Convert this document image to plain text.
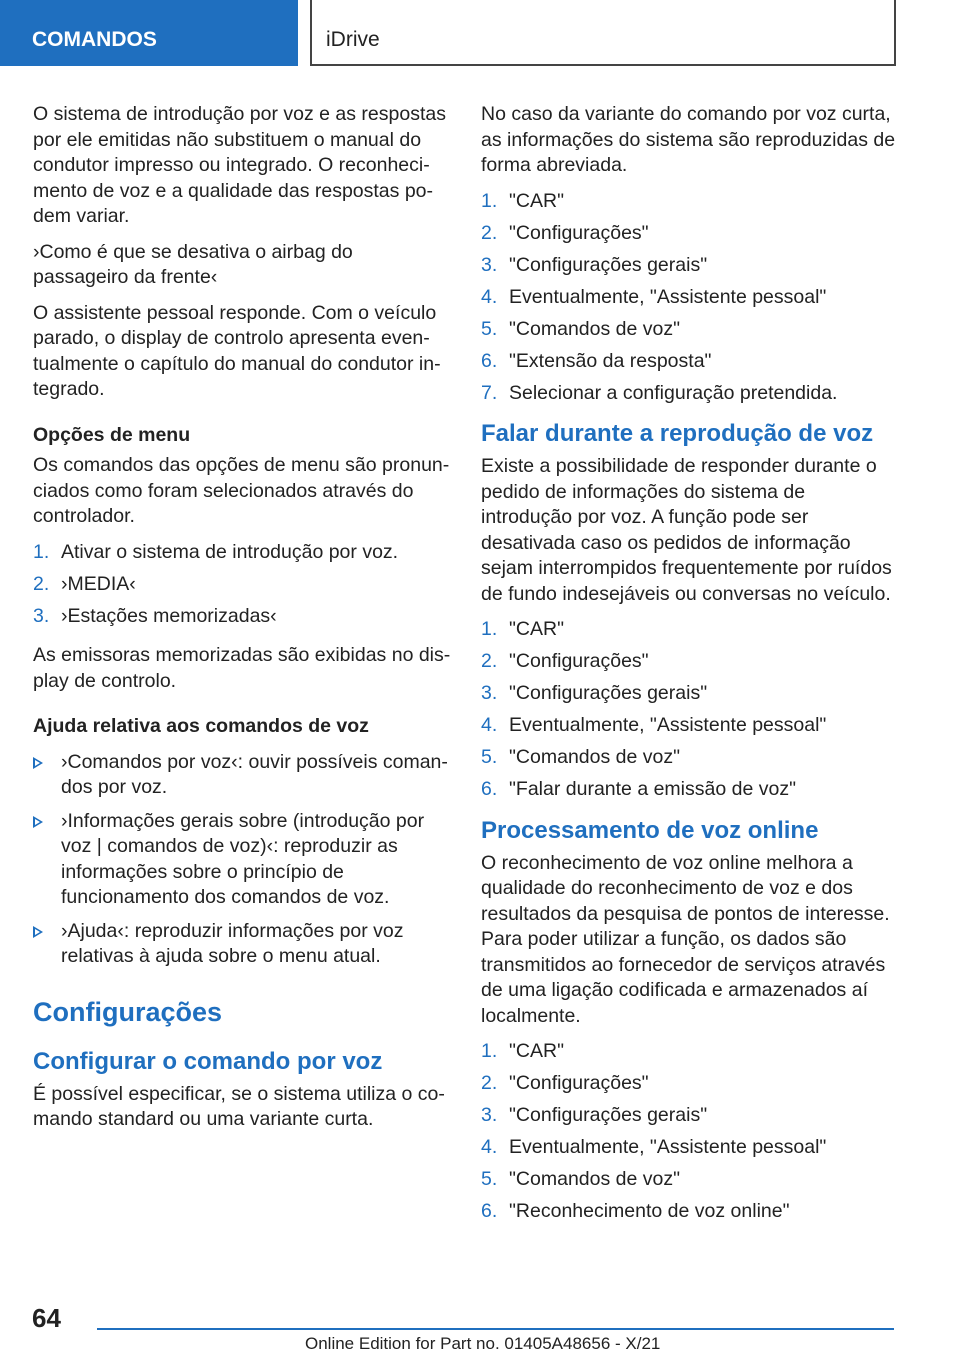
COMANDOS	iDrive

O sistema de introdução por voz e as respostas por ele emitidas não substituem o manual do condutor impresso ou integrado. O reconhecimento de voz e a qualidade das respostas podem variar.

›Como é que se desativa o airbag do passageiro da frente‹

O assistente pessoal responde. Com o veículo parado, o display de controlo apresenta eventualmente o capítulo do manual do condutor integrado.

Opções de menu

Os comandos das opções de menu são pronunciados como foram selecionados através do controlador.

1. Ativar o sistema de introdução por voz.
2. ›MEDIA‹
3. ›Estações memorizadas‹

As emissoras memorizadas são exibidas no display de controlo.

Ajuda relativa aos comandos de voz
›Comandos por voz‹: ouvir possíveis comandos por voz.
›Informações gerais sobre (introdução por voz | comandos de voz)‹: reproduzir as informações sobre o princípio de funcionamento dos comandos de voz.
›Ajuda‹: reproduzir informações por voz relativas à ajuda sobre o menu atual.
Configurações
Configurar o comando por voz

É possível especificar, se o sistema utiliza o comando standard ou uma variante curta.

No caso da variante do comando por voz curta, as informações do sistema são reproduzidas de forma abreviada.

1. "CAR"
2. "Configurações"
3. "Configurações gerais"
4. Eventualmente, "Assistente pessoal"
5. "Comandos de voz"
6. "Extensão da resposta"
7. Selecionar a configuração pretendida.
Falar durante a reprodução de voz

Existe a possibilidade de responder durante o pedido de informações do sistema de introdução por voz. A função pode ser desativada caso os pedidos de informação sejam interrompidos frequentemente por ruídos de fundo indesejáveis ou conversas no veículo.

1. "CAR"
2. "Configurações"
3. "Configurações gerais"
4. Eventualmente, "Assistente pessoal"
5. "Comandos de voz"
6. "Falar durante a emissão de voz"
Processamento de voz online

O reconhecimento de voz online melhora a qualidade do reconhecimento de voz e dos resultados da pesquisa de pontos de interesse. Para poder utilizar a função, os dados são transmitidos ao fornecedor de serviços através de uma ligação codificada e armazenados aí localmente.

1. "CAR"
2. "Configurações"
3. "Configurações gerais"
4. Eventualmente, "Assistente pessoal"
5. "Comandos de voz"
6. "Reconhecimento de voz online"
64
Online Edition for Part no. 01405A48656 - X/21
